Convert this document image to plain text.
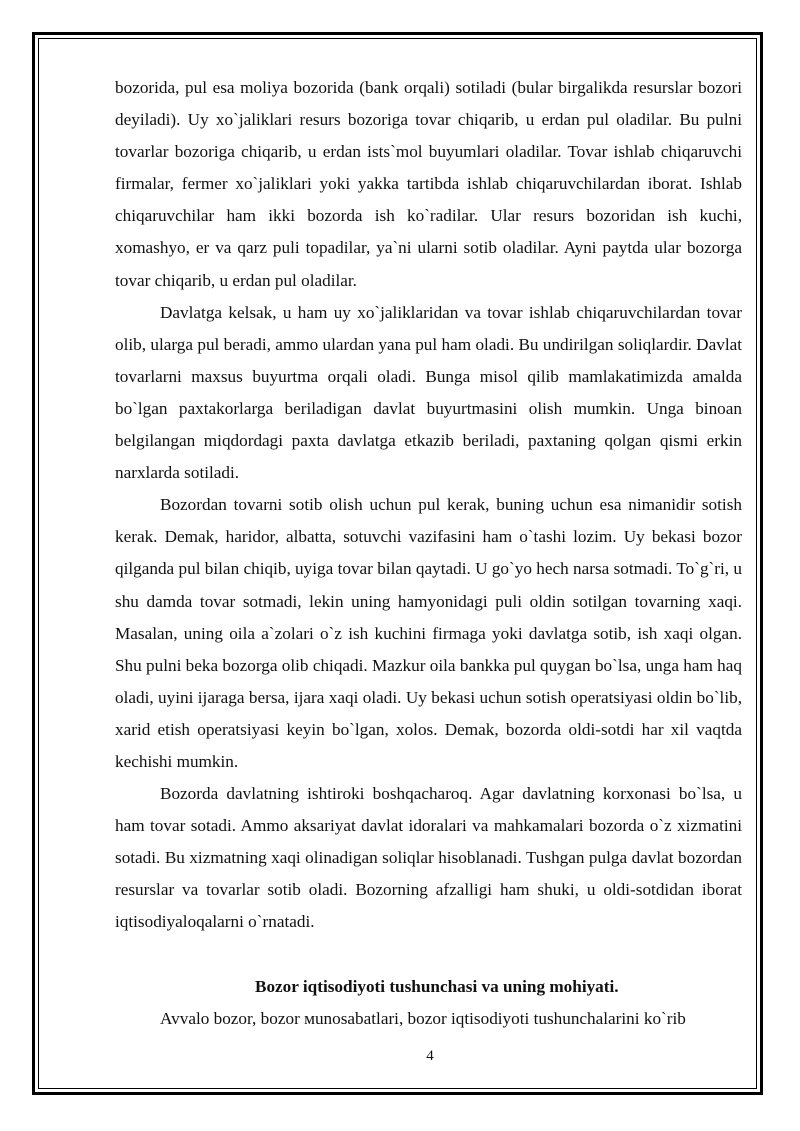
bozorida, pul esa moliya bozorida (bank orqali) sotiladi (bular birgalikda resurslar bozori deyiladi). Uy xo`jaliklari resurs bozoriga tovar chiqarib, u erdan pul oladilar. Bu pulni tovarlar bozoriga chiqarib, u erdan ists`mol buyumlari oladilar. Tovar ishlab chiqaruvchi firmalar, fermer xo`jaliklari yoki yakka tartibda ishlab chiqaruvchilardan iborat. Ishlab chiqaruvchilar ham ikki bozorda ish ko`radilar. Ular resurs bozoridan ish kuchi, xomashyo, er va qarz puli topadilar, ya`ni ularni sotib oladilar. Ayni paytda ular bozorga tovar chiqarib, u erdan pul oladilar.

Davlatga kelsak, u ham uy xo`jaliklaridan va tovar ishlab chiqaruvchilardan tovar olib, ularga pul beradi, ammo ulardan yana pul ham oladi. Bu undirilgan soliqlardir. Davlat tovarlarni maxsus buyurtma orqali oladi. Bunga misol qilib mamlakatimizda amalda bo`lgan paxtakorlarga beriladigan davlat buyurtmasini olish mumkin. Unga binoan belgilangan miqdordagi paxta davlatga etkazib beriladi, paxtaning qolgan qismi erkin narxlarda sotiladi.

Bozordan tovarni sotib olish uchun pul kerak, buning uchun esa nimanidir sotish kerak. Demak, haridor, albatta, sotuvchi vazifasini ham o`tashi lozim. Uy bekasi bozor qilganda pul bilan chiqib, uyiga tovar bilan qaytadi. U go`yo hech narsa sotmadi. To`g`ri, u shu damda tovar sotmadi, lekin uning hamyonidagi puli oldin sotilgan tovarning xaqi. Masalan, uning oila a`zolari o`z ish kuchini firmaga yoki davlatga sotib, ish xaqi olgan. Shu pulni beka bozorga olib chiqadi. Mazkur oila bankka pul quygan bo`lsa, unga ham haq oladi, uyini ijaraga bersa, ijara xaqi oladi. Uy bekasi uchun sotish operatsiyasi oldin bo`lib, xarid etish operatsiyasi keyin bo`lgan, xolos. Demak, bozorda oldi-sotdi har xil vaqtda kechishi mumkin.

Bozorda davlatning ishtiroki boshqacharoq. Agar davlatning korxonasi bo`lsa, u ham tovar sotadi. Ammo aksariyat davlat idoralari va mahkamalari bozorda o`z xizmatini sotadi. Bu xizmatning xaqi olinadigan soliqlar hisoblanadi. Tushgan pulga davlat bozordan resurslar va tovarlar sotib oladi. Bozorning afzalligi ham shuki, u oldi-sotdidan iborat iqtisodiyaloqalarni o`rnatadi.

Bozor iqtisodiyoti tushunchasi va uning mohiyati.

Avvalo bozor, bozor мunosabatlari, bozor iqtisodiyoti tushunchalarini ko`rib

4
